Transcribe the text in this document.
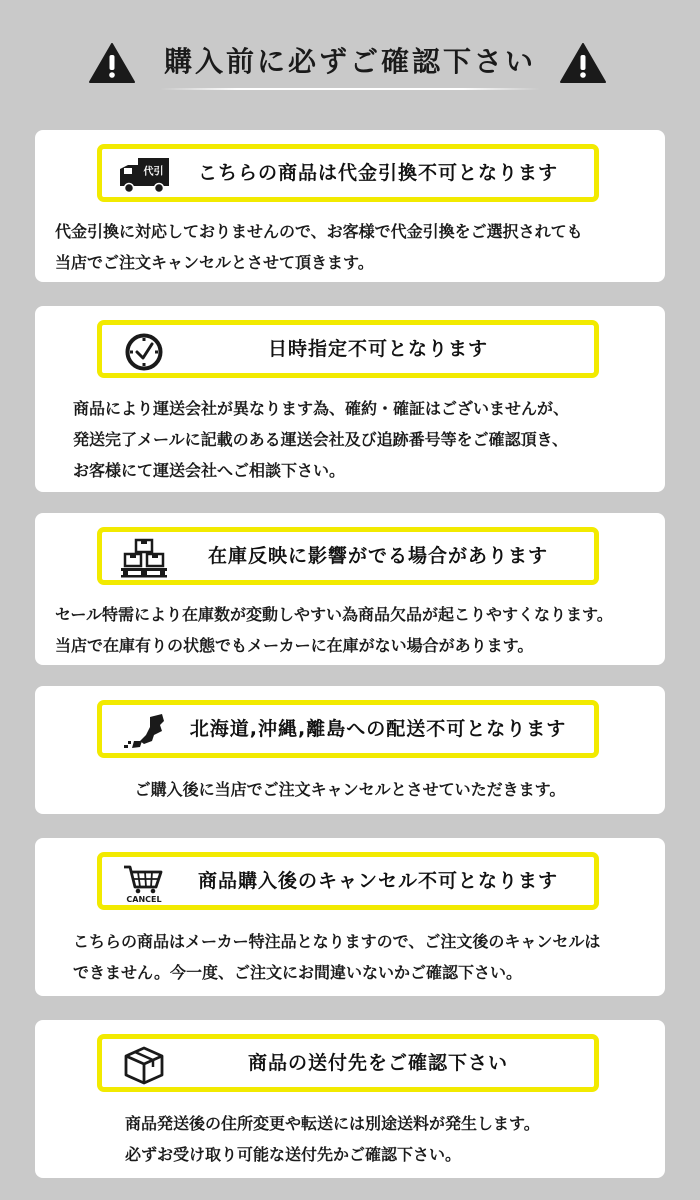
購入前に必ずご確認下さい
代引	こちらの商品は代金引換不可となります
代金引換に対応しておりませんので、お客様で代金引換をご選択されても
当店でご注文キャンセルとさせて頂きます。
日時指定不可となります
商品により運送会社が異なります為、確約・確証はございませんが、
発送完了メールに記載のある運送会社及び追跡番号等をご確認頂き、
お客様にて運送会社へご相談下さい。
在庫反映に影響がでる場合があります
セール特需により在庫数が変動しやすい為商品欠品が起こりやすくなります。
当店で在庫有りの状態でもメーカーに在庫がない場合があります。
北海道,沖縄,離島への配送不可となります
ご購入後に当店でご注文キャンセルとさせていただきます。
CANCEL
商品購入後のキャンセル不可となります
こちらの商品はメーカー特注品となりますので、ご注文後のキャンセルは
できません。今一度、ご注文にお間違いないかご確認下さい。
商品の送付先をご確認下さい
商品発送後の住所変更や転送には別途送料が発生します。
必ずお受け取り可能な送付先かご確認下さい。
